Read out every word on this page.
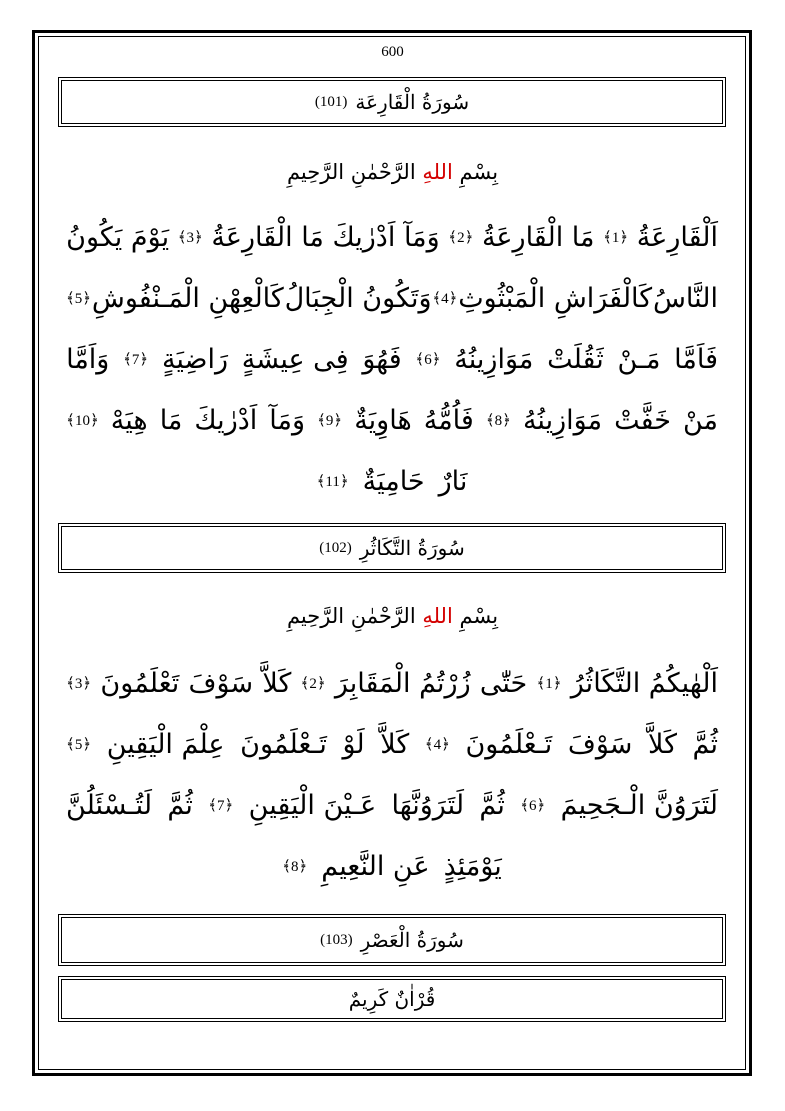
600
سُورَةُ الْقَارِعَة
(101)
بِسْمِ اللهِ الرَّحْمٰنِ الرَّحِيمِ
اَلْقَارِعَةُ
﴿1﴾
مَا الْقَارِعَةُ
﴿2﴾
وَمَآ
اَدْرٰيكَ
مَا الْقَارِعَةُ
﴿3﴾
يَوْمَ
يَكُونُ
النَّاسُ
كَالْفَرَاشِ الْمَبْثُوثِ
﴿4﴾
وَتَكُونُ الْجِبَالُ
كَالْعِهْنِ الْمَـنْفُوشِ
﴿5﴾
فَاَمَّا
مَـنْ
ثَقُلَتْ
مَوَازِينُهُ
﴿6﴾
فَهُوَ
فِى عِيشَةٍ
رَاضِيَةٍ
﴿7﴾
وَاَمَّا
مَنْ
خَفَّتْ
مَوَازِينُهُ
﴿8﴾
فَاُمُّهُ
هَاوِيَةٌ
﴿9﴾
وَمَآ
اَدْرٰيكَ
مَا
هِيَهْ
﴿10﴾
نَارٌ
حَامِيَةٌ
﴿11﴾
سُورَةُ التَّكَاثُرِ
(102)
بِسْمِ اللهِ الرَّحْمٰنِ الرَّحِيمِ
اَلْهٰيكُمُ التَّكَاثُرُ
﴿1﴾
حَتّٰى
زُرْتُمُ الْمَقَابِرَ
﴿2﴾
كَلاَّ
سَوْفَ
تَعْلَمُونَ
﴿3﴾
ثُمَّ
كَلاَّ
سَوْفَ
تَـعْلَمُونَ
﴿4﴾
كَلاَّ
لَوْ
تَـعْلَمُونَ
عِلْمَ الْيَقِينِ
﴿5﴾
لَتَرَوُنَّ الْـجَحِيمَ
﴿6﴾
ثُمَّ
لَتَرَوُنَّهَا
عَـيْنَ الْيَقِينِ
﴿7﴾
ثُمَّ
لَتُـسْئَلُنَّ
يَوْمَئِذٍ
عَنِ النَّعِيمِ
﴿8﴾
سُورَةُ الْعَصْرِ
(103)
قُرْاٰنٌ كَرِيمٌ
